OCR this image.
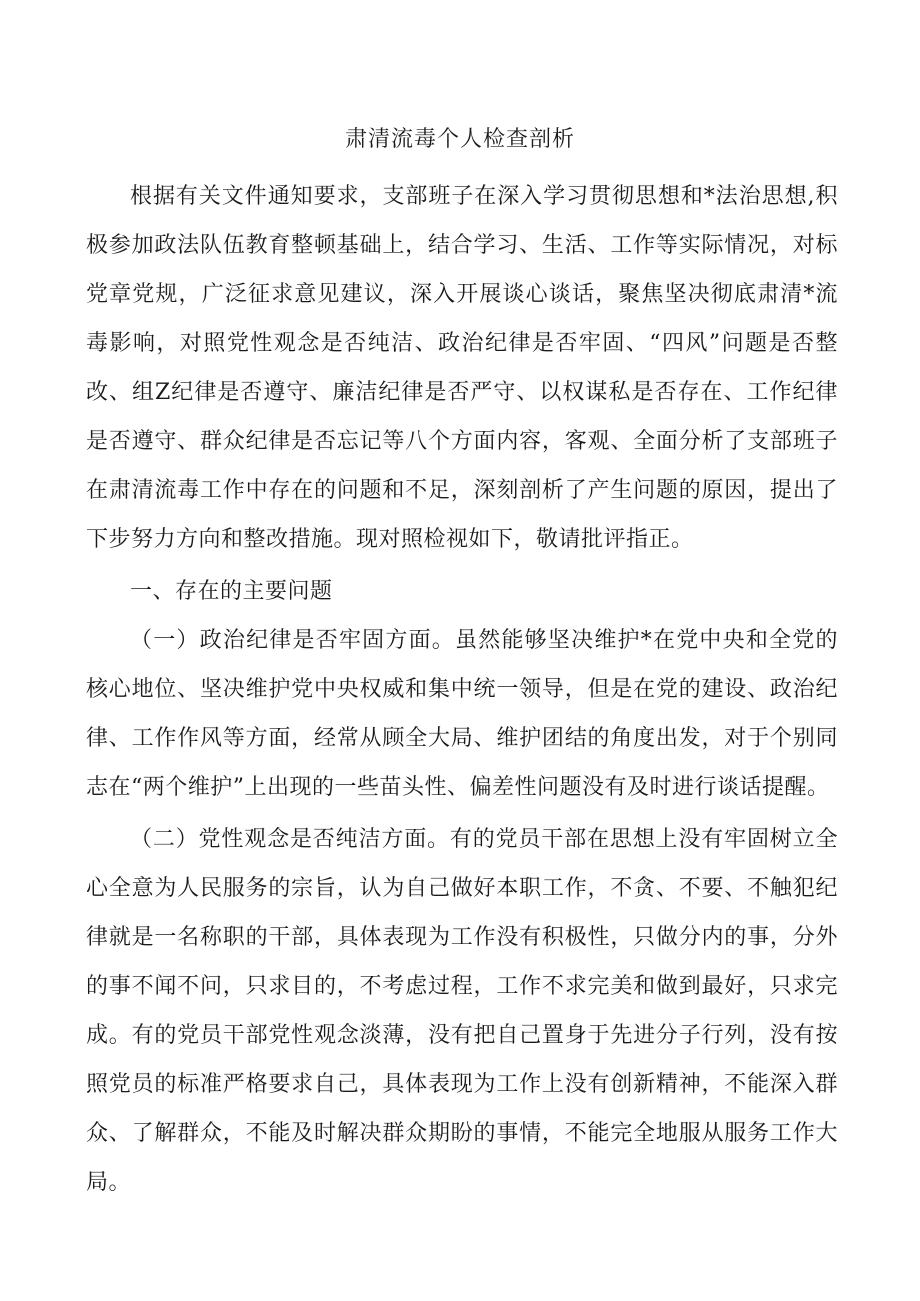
肃清流毒个人检查剖析

根据有关文件通知要求，支部班子在深入学习贯彻思想和*法治思想,积极参加政法队伍教育整顿基础上，结合学习、生活、工作等实际情况，对标党章党规，广泛征求意见建议，深入开展谈心谈话，聚焦坚决彻底肃清*流毒影响，对照党性观念是否纯洁、政治纪律是否牢固、“四风”问题是否整改、组Z纪律是否遵守、廉洁纪律是否严守、以权谋私是否存在、工作纪律是否遵守、群众纪律是否忘记等八个方面内容，客观、全面分析了支部班子在肃清流毒工作中存在的问题和不足，深刻剖析了产生问题的原因，提出了下步努力方向和整改措施。现对照检视如下，敬请批评指正。

一、存在的主要问题

（一）政治纪律是否牢固方面。虽然能够坚决维护*在党中央和全党的核心地位、坚决维护党中央权威和集中统一领导，但是在党的建设、政治纪律、工作作风等方面，经常从顾全大局、维护团结的角度出发，对于个别同志在“两个维护”上出现的一些苗头性、偏差性问题没有及时进行谈话提醒。

（二）党性观念是否纯洁方面。有的党员干部在思想上没有牢固树立全心全意为人民服务的宗旨，认为自己做好本职工作，不贪、不要、不触犯纪律就是一名称职的干部，具体表现为工作没有积极性，只做分内的事，分外的事不闻不问，只求目的，不考虑过程，工作不求完美和做到最好，只求完成。有的党员干部党性观念淡薄，没有把自己置身于先进分子行列，没有按照党员的标准严格要求自己，具体表现为工作上没有创新精神，不能深入群众、了解群众，不能及时解决群众期盼的事情，不能完全地服从服务工作大局。
